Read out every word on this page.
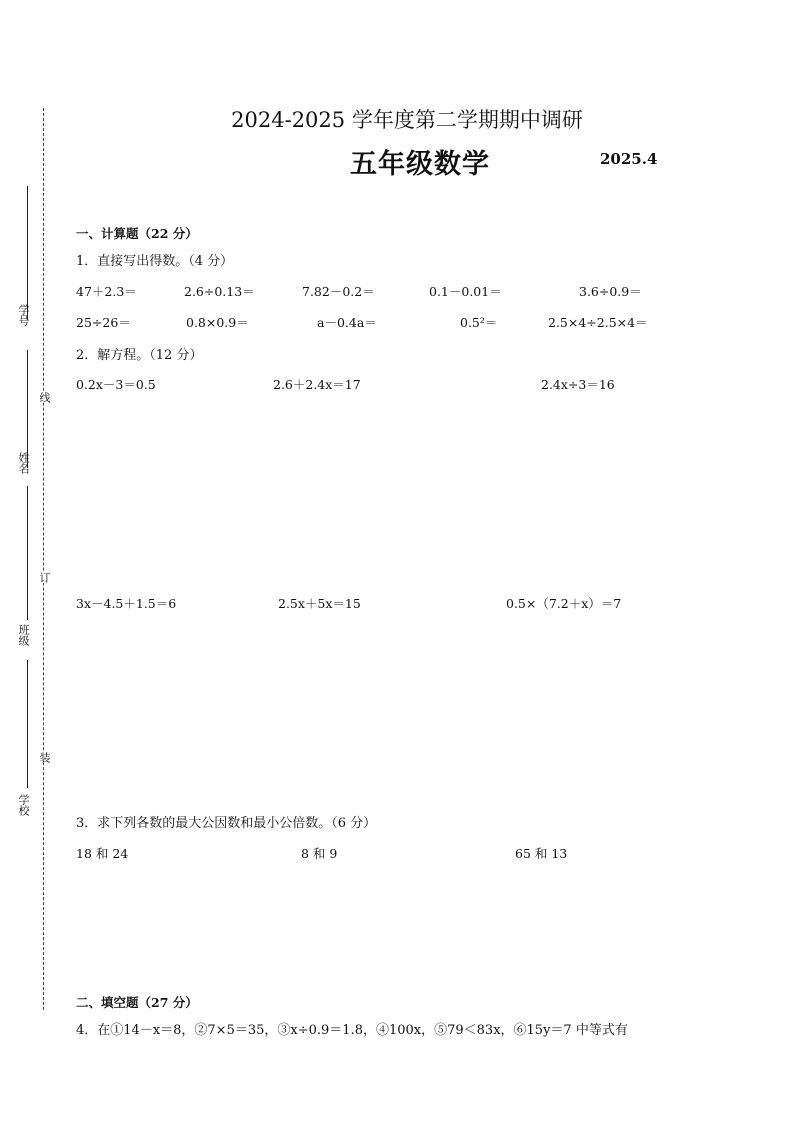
学号
姓名
班级
学校
线
订
装
2024-2025 学年度第二学期期中调研
五年级数学	2025.4
一、计算题（22 分）
1．直接写出得数。（4 分）
47＋2.3＝	2.6÷0.13＝	7.82－0.2＝	0.1－0.01＝	3.6÷0.9＝
25÷26＝	0.8×0.9＝	a－0.4a＝	0.5²＝	2.5×4÷2.5×4＝
2．解方程。（12 分）
0.2x－3＝0.5	2.6＋2.4x＝17	2.4x÷3＝16
3x－4.5＋1.5＝6	2.5x＋5x＝15	0.5×（7.2＋x）＝7
3．求下列各数的最大公因数和最小公倍数。（6 分）
18 和 24	8 和 9	65 和 13
二、填空题（27 分）
4．在①14－x＝8，②7×5＝35，③x÷0.9＝1.8，④100x，⑤79＜83x，⑥15y＝7 中等式有
